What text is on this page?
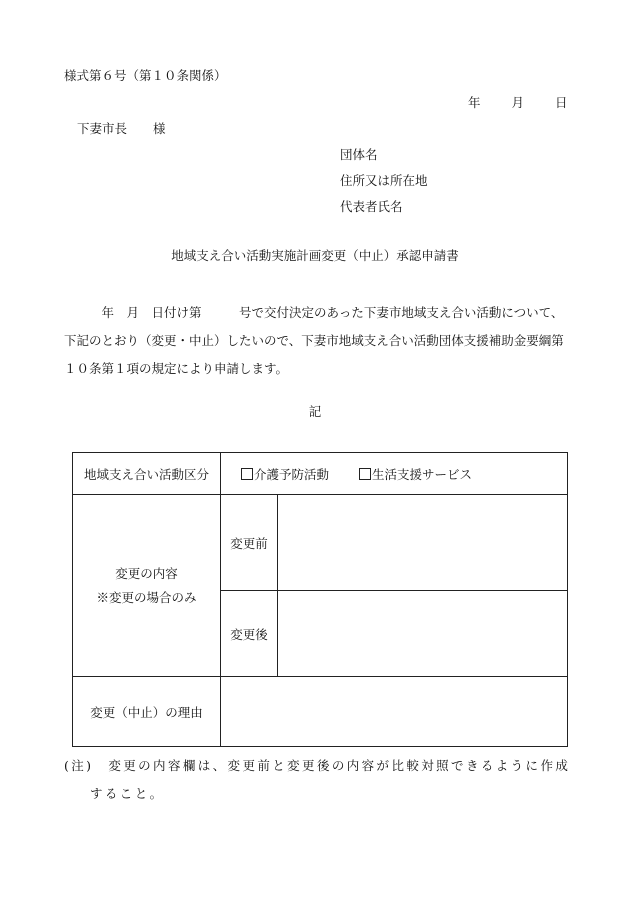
様式第６号（第１０条関係）
年 月 日
下妻市長 様
団体名
住所又は所在地
代表者氏名
地域支え合い活動実施計画変更（中止）承認申請書
　　　年　月　日付け第　　　号で交付決定のあった下妻市地域支え合い活動について、
下記のとおり（変更・中止）したいので、下妻市地域支え合い活動団体支援補助金要綱第
１０条第１項の規定により申請します。
記
地域支え合い活動区分	介護予防活動 生活支援サービス	

変更の内容
※変更の場合のみ	変更前	
	変更後	
変更（中止）の理由		
(注)　変更の内容欄は、変更前と変更後の内容が比較対照できるように作成
すること。
